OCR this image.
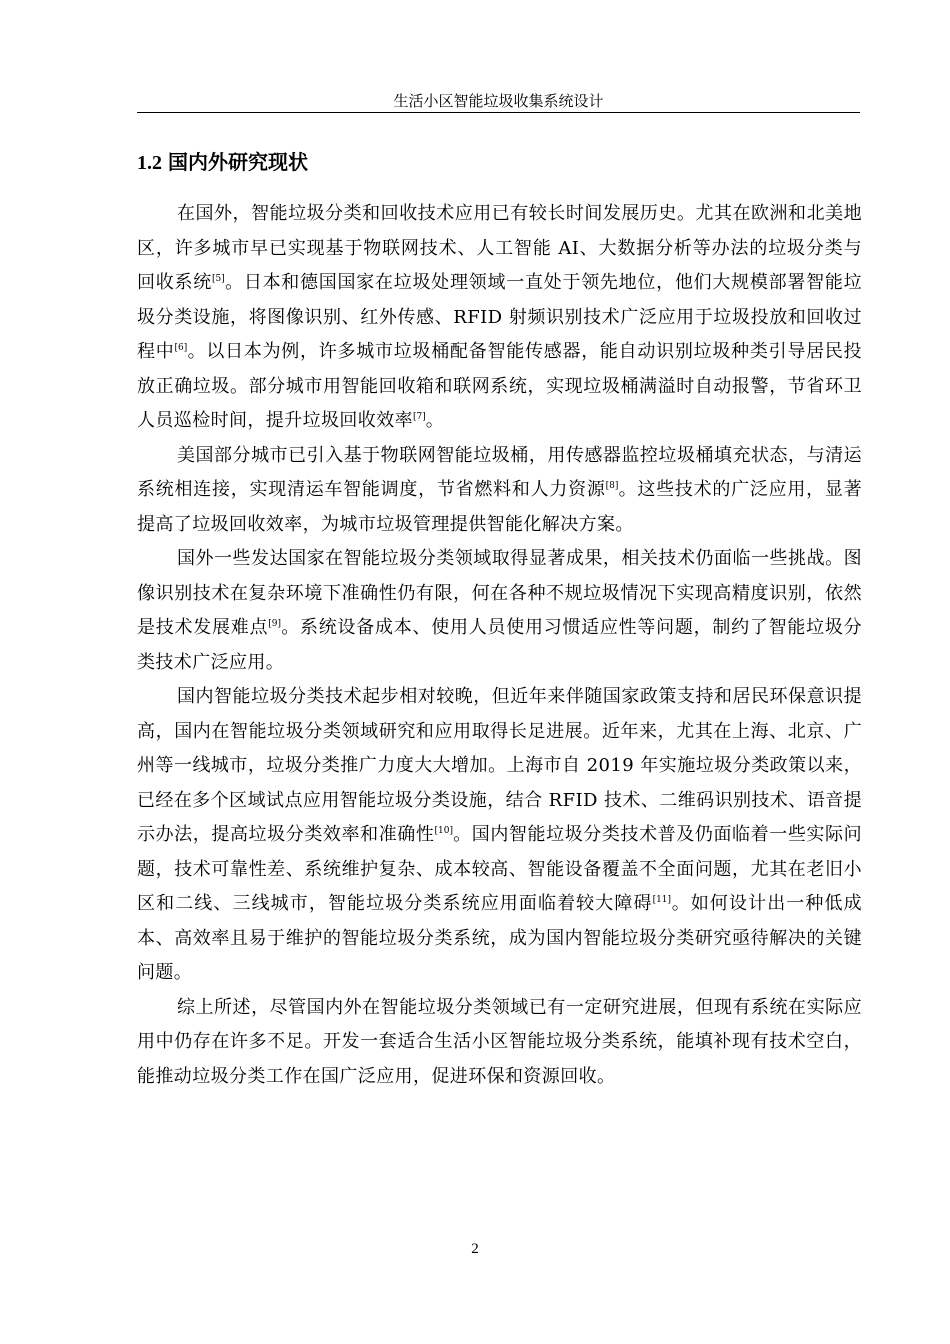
生活小区智能垃圾收集系统设计
1.2 国内外研究现状

在国外，智能垃圾分类和回收技术应用已有较长时间发展历史。尤其在欧洲和北美地区，许多城市早已实现基于物联网技术、人工智能 AI、大数据分析等办法的垃圾分类与回收系统[5]。日本和德国国家在垃圾处理领域一直处于领先地位，他们大规模部署智能垃圾分类设施，将图像识别、红外传感、RFID 射频识别技术广泛应用于垃圾投放和回收过程中[6]。以日本为例，许多城市垃圾桶配备智能传感器，能自动识别垃圾种类引导居民投放正确垃圾。部分城市用智能回收箱和联网系统，实现垃圾桶满溢时自动报警，节省环卫人员巡检时间，提升垃圾回收效率[7]。

美国部分城市已引入基于物联网智能垃圾桶，用传感器监控垃圾桶填充状态，与清运系统相连接，实现清运车智能调度，节省燃料和人力资源[8]。这些技术的广泛应用，显著提高了垃圾回收效率，为城市垃圾管理提供智能化解决方案。

国外一些发达国家在智能垃圾分类领域取得显著成果，相关技术仍面临一些挑战。图像识别技术在复杂环境下准确性仍有限，何在各种不规垃圾情况下实现高精度识别，依然是技术发展难点[9]。系统设备成本、使用人员使用习惯适应性等问题，制约了智能垃圾分类技术广泛应用。

国内智能垃圾分类技术起步相对较晚，但近年来伴随国家政策支持和居民环保意识提高，国内在智能垃圾分类领域研究和应用取得长足进展。近年来，尤其在上海、北京、广州等一线城市，垃圾分类推广力度大大增加。上海市自 2019 年实施垃圾分类政策以来，已经在多个区域试点应用智能垃圾分类设施，结合 RFID 技术、二维码识别技术、语音提示办法，提高垃圾分类效率和准确性[10]。国内智能垃圾分类技术普及仍面临着一些实际问题，技术可靠性差、系统维护复杂、成本较高、智能设备覆盖不全面问题，尤其在老旧小区和二线、三线城市，智能垃圾分类系统应用面临着较大障碍[11]。如何设计出一种低成本、高效率且易于维护的智能垃圾分类系统，成为国内智能垃圾分类研究亟待解决的关键问题。

综上所述，尽管国内外在智能垃圾分类领域已有一定研究进展，但现有系统在实际应用中仍存在许多不足。开发一套适合生活小区智能垃圾分类系统，能填补现有技术空白，能推动垃圾分类工作在国广泛应用，促进环保和资源回收。

2
